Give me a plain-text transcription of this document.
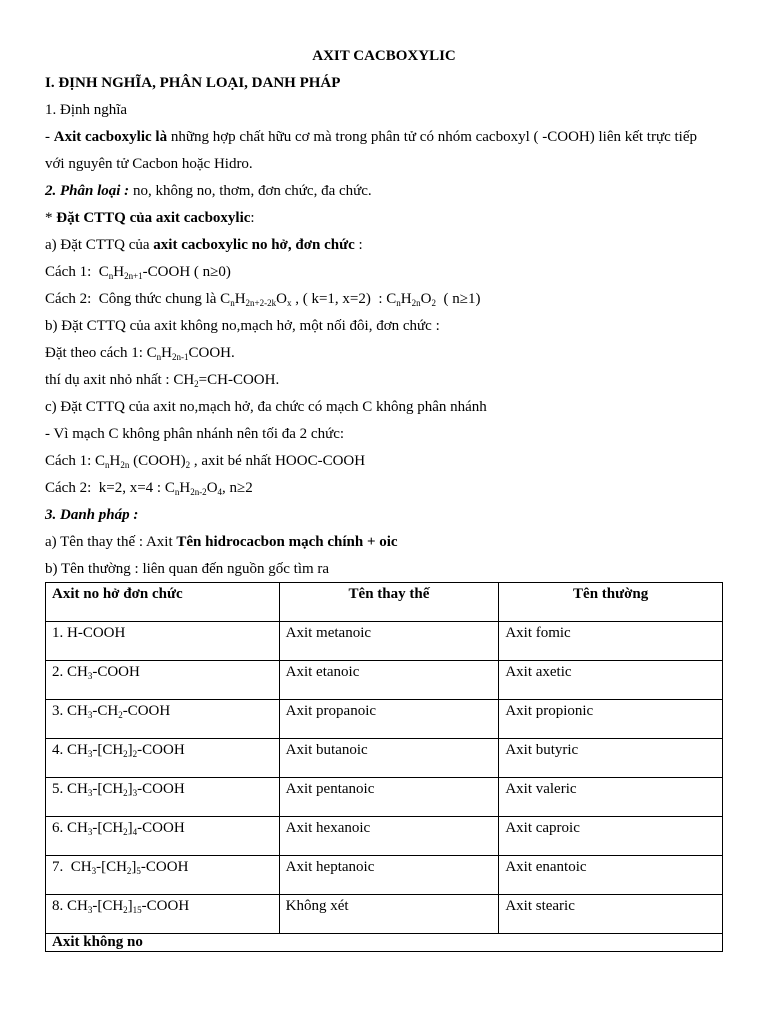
AXIT CACBOXYLIC
I. ĐỊNH NGHĨA, PHÂN LOẠI, DANH PHÁP
1. Định nghĩa
- Axit cacboxylic là những hợp chất hữu cơ mà trong phân tử có nhóm cacboxyl ( -COOH) liên kết trực tiếp
với nguyên tử Cacbon hoặc Hidro.
2. Phân loại : no, không no, thơm, đơn chức, đa chức.
* Đặt CTTQ của axit cacboxylic:
a) Đặt CTTQ của axit cacboxylic no hở, đơn chức :
Cách 1:  $C_nH_{2n+1}$-COOH ( n≥0)
Cách 2:  Công thức chung là $C_nH_{2n+2-2k}O_x$ , ( k=1, x=2)  : $C_nH_{2n}O_2$  ( n≥1)
b) Đặt CTTQ của axit không no,mạch hở, một nối đôi, đơn chức :
Đặt theo cách 1: $C_nH_{2n-1}COOH$.
thí dụ axit nhỏ nhất : $CH_2=CH$-COOH.
c) Đặt CTTQ của axit no,mạch hở, đa chức có mạch C không phân nhánh
- Vì mạch C không phân nhánh nên tối đa 2 chức:
Cách 1: $C_nH_{2n}$ $(COOH)_2$ , axit bé nhất HOOC-COOH
Cách 2:  k=2, x=4 : $C_nH_{2n-2}O_4$, n≥2
3. Danh pháp :
a) Tên thay thế : Axit Tên hidrocacbon mạch chính + oic
b) Tên thường : liên quan đến nguồn gốc tìm ra
Axit no hở đơn chức	Tên thay thế	Tên thường
1. H-COOH	Axit metanoic	Axit fomic
2. $CH_3$-COOH	Axit etanoic	Axit axetic
3. $CH_3-CH_2$-COOH	Axit propanoic	Axit propionic
4. $CH_3-[CH_2]_2$-COOH	Axit butanoic	Axit butyric
5. $CH_3-[CH_2]_3$-COOH	Axit pentanoic	Axit valeric
6. $CH_3-[CH_2]_4$-COOH	Axit hexanoic	Axit caproic
7.  $CH_3-[CH_2]_5$-COOH	Axit heptanoic	Axit enantoic
8. $CH_3-[CH_2]_{15}$-COOH	Không xét	Axit stearic
Axit không no		
